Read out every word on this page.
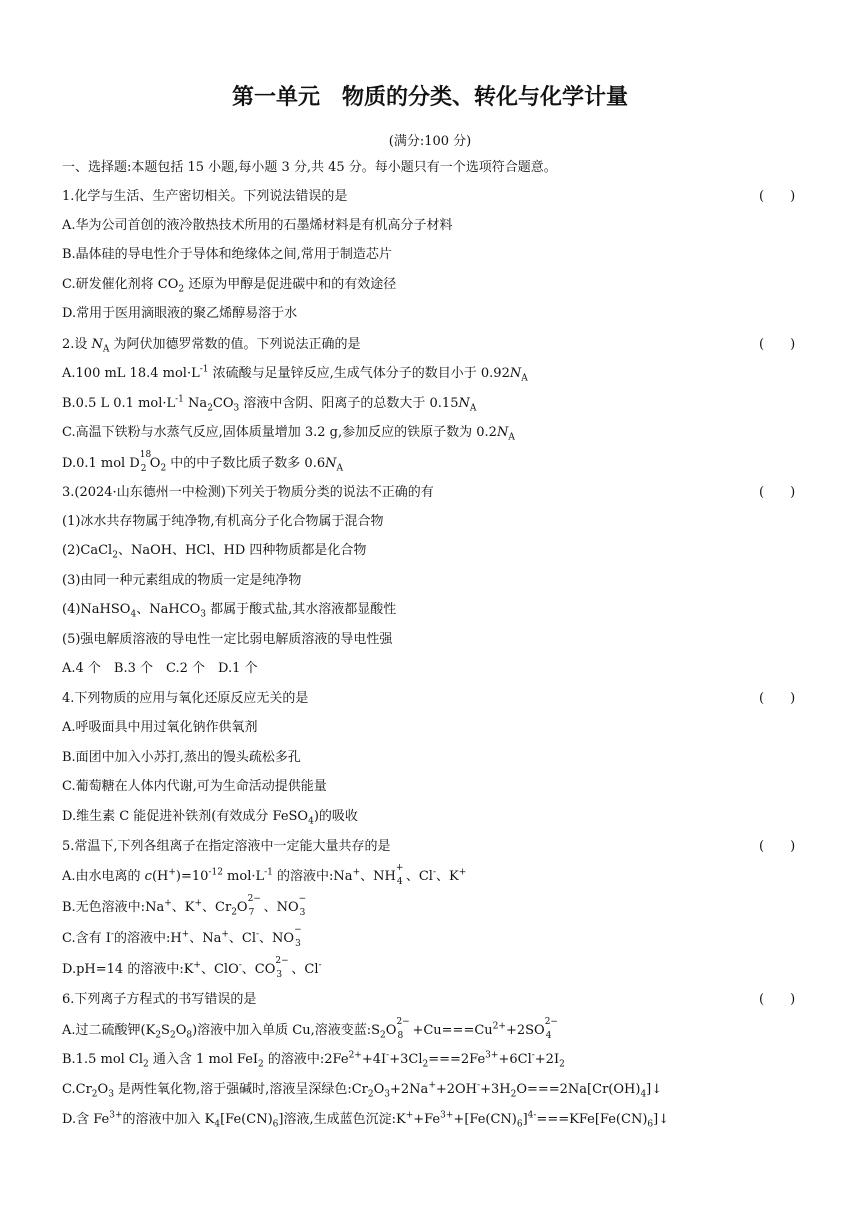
第一单元　物质的分类、转化与化学计量
(满分:100 分)
一、选择题:本题包括 15 小题,每小题 3 分,共 45 分。每小题只有一个选项符合题意。
1.化学与生活、生产密切相关。下列说法错误的是	(　　)
A.华为公司首创的液冷散热技术所用的石墨烯材料是有机高分子材料
B.晶体硅的导电性介于导体和绝缘体之间,常用于制造芯片
C.研发催化剂将 $CO_2$ 还原为甲醇是促进碳中和的有效途径
D.常用于医用滴眼液的聚乙烯醇易溶于水
2.设 $N_A$ 为阿伏加德罗常数的值。下列说法正确的是	(　　)
A.100 mL 18.4 $mol\cdot L^{-1}$ 浓硫酸与足量锌反应,生成气体分子的数目小于 $0.92N_A$
B.0.5 L 0.1 $mol\cdot L^{-1}$ $Na_2CO_3$ 溶液中含阴、阳离子的总数大于 $0.15N_A$
C.高温下铁粉与水蒸气反应,固体质量增加 3.2 g,参加反应的铁原子数为 $0.2N_A$
D.0.1 mol D
18
2 $O_2$ 中的中子数比质子数多 $0.6N_A$
3.(2024·山东德州一中检测)下列关于物质分类的说法不正确的有	(　　)
(1)冰水共存物属于纯净物,有机高分子化合物属于混合物
(2)CaCl$_2$、NaOH、HCl、HD 四种物质都是化合物
(3)由同一种元素组成的物质一定是纯净物
(4)NaHSO$_4$、NaHCO$_3$ 都属于酸式盐,其水溶液都显酸性
(5)强电解质溶液的导电性一定比弱电解质溶液的导电性强
A.4 个　B.3 个　C.2 个　D.1 个
4.下列物质的应用与氧化还原反应无关的是	(　　)
A.呼吸面具中用过氧化钠作供氧剂
B.面团中加入小苏打,蒸出的馒头疏松多孔
C.葡萄糖在人体内代谢,可为生命活动提供能量
D.维生素 C 能促进补铁剂(有效成分 FeSO$_4$)的吸收
5.常温下,下列各组离子在指定溶液中一定能大量共存的是	(　　)
A.由水电离的 $c(H^+)=10^{-12}$ $mol\cdot L^{-1}$ 的溶液中:Na+、NH
+
4 、Cl-、K+
B.无色溶液中:Na+、K+、$Cr_2O$
2−
7 、NO
−
3
C.含有 I-的溶液中:H+、Na+、Cl-、NO
−
3
D.pH=14 的溶液中:K+、ClO-、CO
2−
3 、Cl-
6.下列离子方程式的书写错误的是	(　　)
A.过二硫酸钾$(K_2S_2O_8)$溶液中加入单质 Cu,溶液变蓝$:S_2O$
2−
$8 +Cu===Cu^{2+}+2SO$
2−
4
B.1.5 mol $Cl_2$ 通入含 1 mol FeI$_2$ 的溶液中$:2Fe^{2+}+4I^-+3Cl_2===2Fe^{3+}+6Cl^-+2I_2$
$C.Cr_2O_3$ 是两性氧化物,溶于强碱时,溶液呈深绿色$:Cr_2O_3+2Na^++2OH^-+3H_2O===2Na[Cr(OH)_4]↓$
D.含 $Fe^{3+}$的溶液中加入 $K_4[Fe(CN)_6]$溶液,生成蓝色沉淀$:K^++Fe^{3+}+[Fe(CN)_6]^{4-}===KFe[Fe(CN)_6]↓$
